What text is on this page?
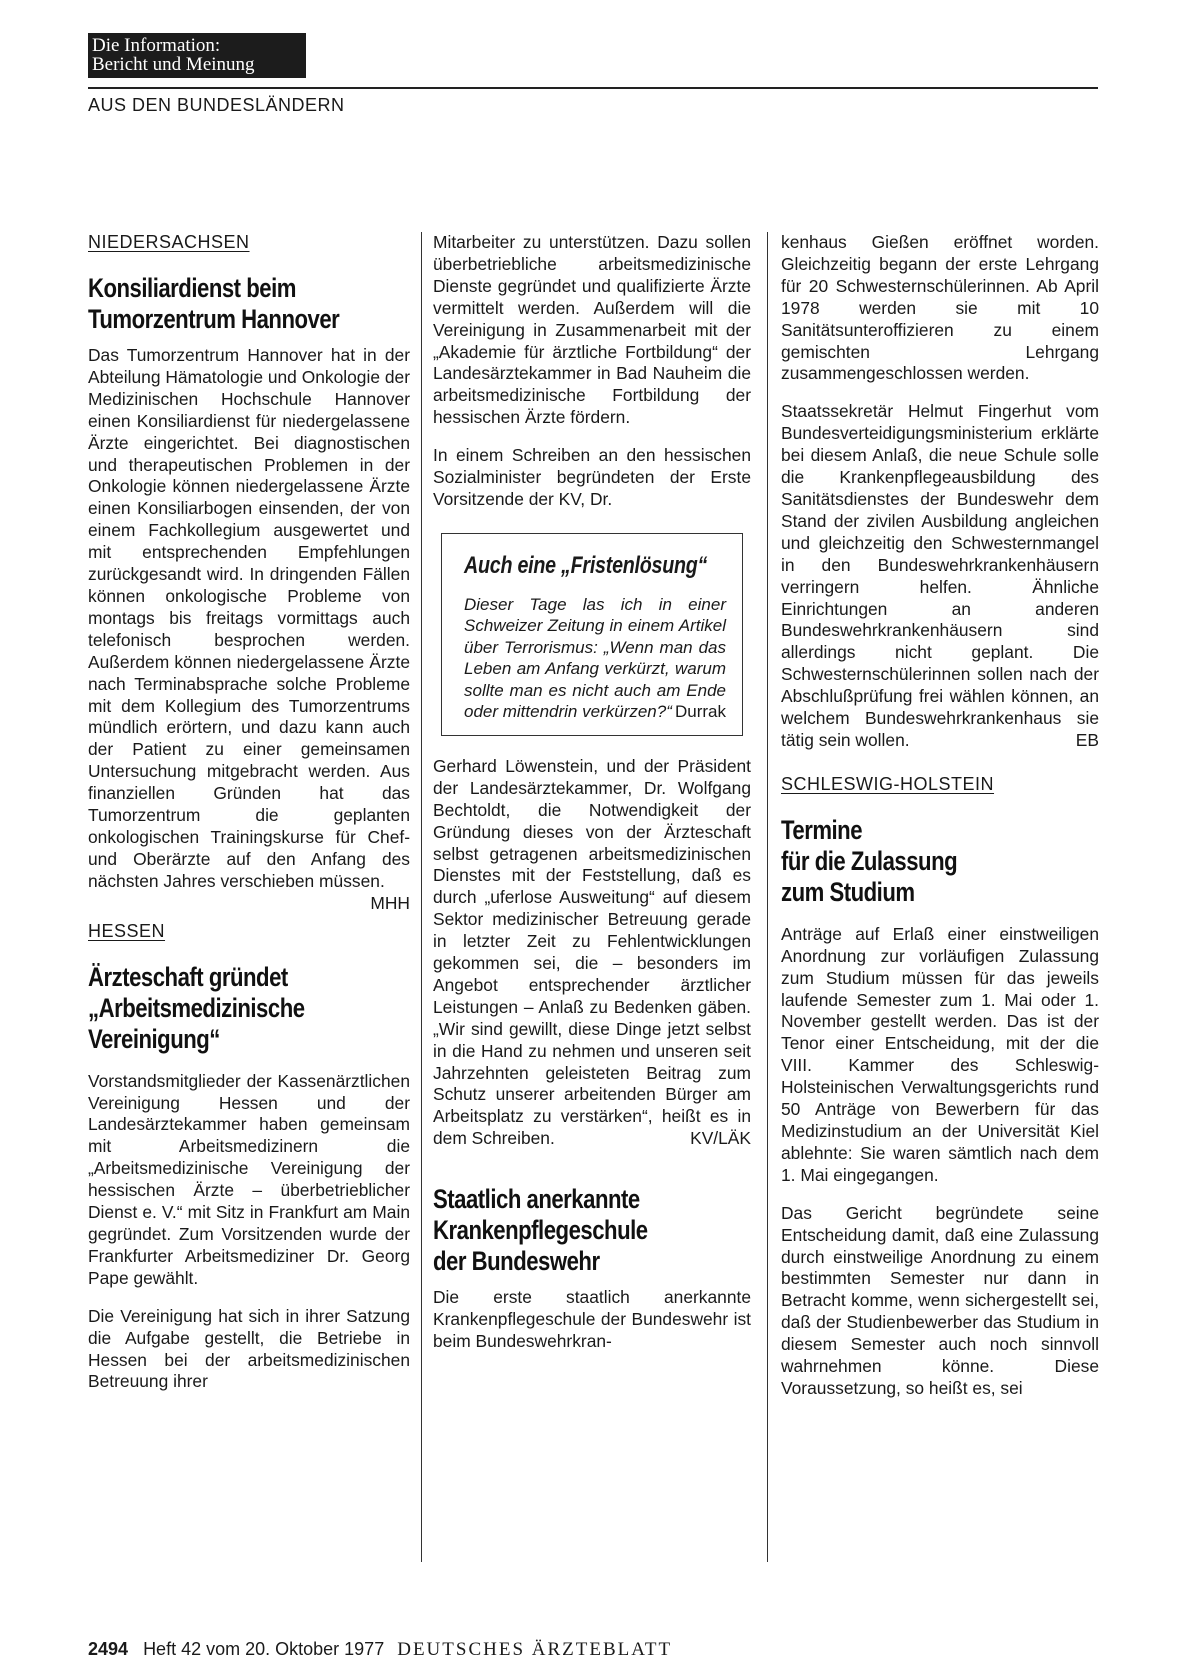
Die Information:
Bericht und Meinung
AUS DEN BUNDESLÄNDERN
NIEDERSACHSEN
Konsiliardienst beim
Tumorzentrum Hannover

Das Tumorzentrum Hannover hat in der Abteilung Hämatologie und Onkologie der Medizinischen Hochschule Hannover einen Konsiliardienst für niedergelassene Ärzte eingerichtet. Bei diagnostischen und therapeutischen Problemen in der Onkologie können niedergelassene Ärzte einen Konsiliarbogen einsenden, der von einem Fachkollegium ausgewertet und mit entsprechenden Empfehlungen zurückgesandt wird. In dringenden Fällen können onkologische Probleme von montags bis freitags vormittags auch telefonisch besprochen werden. Außerdem können niedergelassene Ärzte nach Terminabsprache solche Probleme mit dem Kollegium des Tumorzentrums mündlich erörtern, und dazu kann auch der Patient zu einer gemeinsamen Untersuchung mitgebracht werden. Aus finanziellen Gründen hat das Tumorzentrum die geplanten onkologischen Trainingskurse für Chef- und Oberärzte auf den Anfang des nächsten Jahres verschieben müssen.
MHH

HESSEN
Ärzteschaft gründet
„Arbeitsmedizinische
Vereinigung“

Vorstandsmitglieder der Kassenärztlichen Vereinigung Hessen und der Landesärztekammer haben gemeinsam mit Arbeitsmedizinern die „Arbeitsmedizinische Vereinigung der hessischen Ärzte – überbetrieblicher Dienst e. V.“ mit Sitz in Frankfurt am Main gegründet. Zum Vorsitzenden wurde der Frankfurter Arbeitsmediziner Dr. Georg Pape gewählt.

Die Vereinigung hat sich in ihrer Satzung die Aufgabe gestellt, die Betriebe in Hessen bei der arbeitsmedizinischen Betreuung ihrer

Mitarbeiter zu unterstützen. Dazu sollen überbetriebliche arbeitsmedizinische Dienste gegründet und qualifizierte Ärzte vermittelt werden. Außerdem will die Vereinigung in Zusammenarbeit mit der „Akademie für ärztliche Fortbildung“ der Landesärztekammer in Bad Nauheim die arbeitsmedizinische Fortbildung der hessischen Ärzte fördern.

In einem Schreiben an den hessischen Sozialminister begründeten der Erste Vorsitzende der KV, Dr.

Auch eine „Fristenlösung“

Dieser Tage las ich in einer Schweizer Zeitung in einem Artikel über Terrorismus: „Wenn man das Leben am Anfang verkürzt, warum sollte man es nicht auch am Ende oder mittendrin verkürzen?“ Durrak

Gerhard Löwenstein, und der Präsident der Landesärztekammer, Dr. Wolfgang Bechtoldt, die Notwendigkeit der Gründung dieses von der Ärzteschaft selbst getragenen arbeitsmedizinischen Dienstes mit der Feststellung, daß es durch „uferlose Ausweitung“ auf diesem Sektor medizinischer Betreuung gerade in letzter Zeit zu Fehlentwicklungen gekommen sei, die – besonders im Angebot entsprechender ärztlicher Leistungen – Anlaß zu Bedenken gäben. „Wir sind gewillt, diese Dinge jetzt selbst in die Hand zu nehmen und unseren seit Jahrzehnten geleisteten Beitrag zum Schutz unserer arbeitenden Bürger am Arbeitsplatz zu verstärken“, heißt es in dem Schreiben.	KV/LÄK

Staatlich anerkannte
Krankenpflegeschule
der Bundeswehr

Die erste staatlich anerkannte Krankenpflegeschule der Bundeswehr ist beim Bundeswehrkran-

kenhaus Gießen eröffnet worden. Gleichzeitig begann der erste Lehrgang für 20 Schwesternschülerinnen. Ab April 1978 werden sie mit 10 Sanitätsunteroffizieren zu einem gemischten Lehrgang zusammengeschlossen werden.

Staatssekretär Helmut Fingerhut vom Bundesverteidigungsministerium erklärte bei diesem Anlaß, die neue Schule solle die Krankenpflegeausbildung des Sanitätsdienstes der Bundeswehr dem Stand der zivilen Ausbildung angleichen und gleichzeitig den Schwesternmangel in den Bundeswehrkrankenhäusern verringern helfen. Ähnliche Einrichtungen an anderen Bundeswehrkrankenhäusern sind allerdings nicht geplant. Die Schwesternschülerinnen sollen nach der Abschlußprüfung frei wählen können, an welchem Bundeswehrkrankenhaus sie tätig sein wollen.	EB

SCHLESWIG-HOLSTEIN
Termine
für die Zulassung
zum Studium

Anträge auf Erlaß einer einstweiligen Anordnung zur vorläufigen Zulassung zum Studium müssen für das jeweils laufende Semester zum 1. Mai oder 1. November gestellt werden. Das ist der Tenor einer Entscheidung, mit der die VIII. Kammer des Schleswig-Holsteinischen Verwaltungsgerichts rund 50 Anträge von Bewerbern für das Medizinstudium an der Universität Kiel ablehnte: Sie waren sämtlich nach dem 1. Mai eingegangen.

Das Gericht begründete seine Entscheidung damit, daß eine Zulassung durch einstweilige Anordnung zu einem bestimmten Semester nur dann in Betracht komme, wenn sichergestellt sei, daß der Studienbewerber das Studium in diesem Semester auch noch sinnvoll wahrnehmen könne. Diese Voraussetzung, so heißt es, sei

2494 Heft 42 vom 20. Oktober 1977 DEUTSCHES ÄRZTEBLATT
